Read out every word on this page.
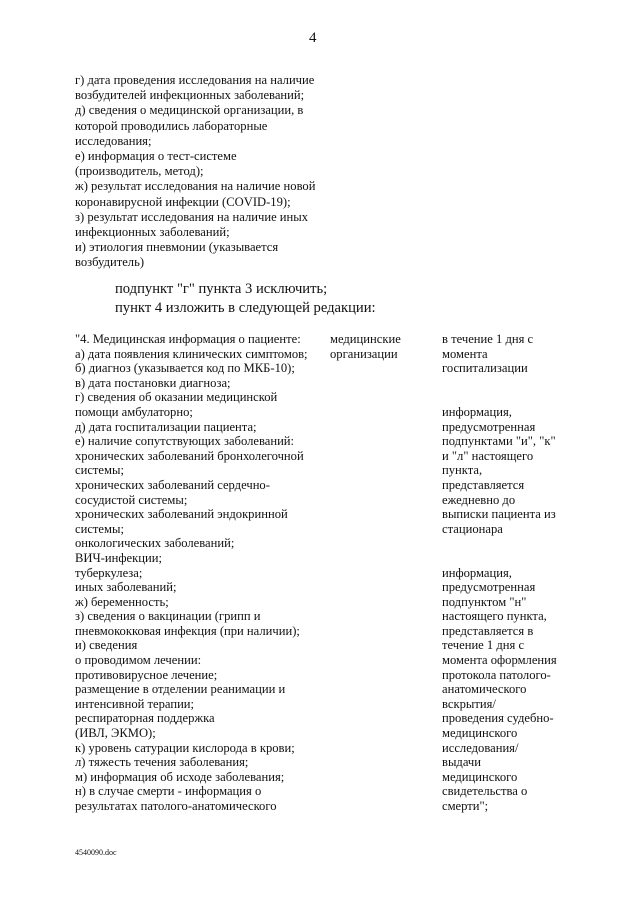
4
г) дата проведения исследования на наличие
возбудителей инфекционных заболеваний;
д) сведения о медицинской организации, в
которой проводились лабораторные
исследования;
е) информация о тест-системе
(производитель, метод);
ж) результат исследования на наличие новой
коронавирусной инфекции (COVID-19);
з) результат исследования на наличие иных
инфекционных заболеваний;
и) этиология пневмонии (указывается
возбудитель)
подпункт "г" пункта 3 исключить;
пункт 4 изложить в следующей редакции:
"4. Медицинская информация о пациенте:
а) дата появления клинических симптомов;
б) диагноз (указывается код по МКБ-10);
в) дата постановки диагноза;
г) сведения об оказании медицинской
помощи амбулаторно;
д) дата госпитализации пациента;
е) наличие сопутствующих заболеваний:
хронических заболеваний бронхолегочной
системы;
хронических заболеваний сердечно-
сосудистой системы;
хронических заболеваний эндокринной
системы;
онкологических заболеваний;
ВИЧ-инфекции;
туберкулеза;
иных заболеваний;
ж) беременность;
з) сведения о вакцинации (грипп и
пневмококковая инфекция (при наличии);
и) сведения
о проводимом лечении:
противовирусное лечение;
размещение в отделении реанимации и
интенсивной терапии;
респираторная поддержка
(ИВЛ, ЭКМО);
к) уровень сатурации кислорода в крови;
л) тяжесть течения заболевания;
м) информация об исходе заболевания;
н) в случае смерти - информация о
результатах патолого-анатомического
медицинские
организации
в течение 1 дня с
момента
госпитализации

информация,
предусмотренная
подпунктами "и", "к"
и "л" настоящего
пункта,
представляется
ежедневно до
выписки пациента из
стационара

информация,
предусмотренная
подпунктом "н"
настоящего пункта,
представляется в
течение 1 дня с
момента оформления
протокола патолого-
анатомического
вскрытия/
проведения судебно-
медицинского
исследования/
выдачи
медицинского
свидетельства о
смерти";
4540090.doc
